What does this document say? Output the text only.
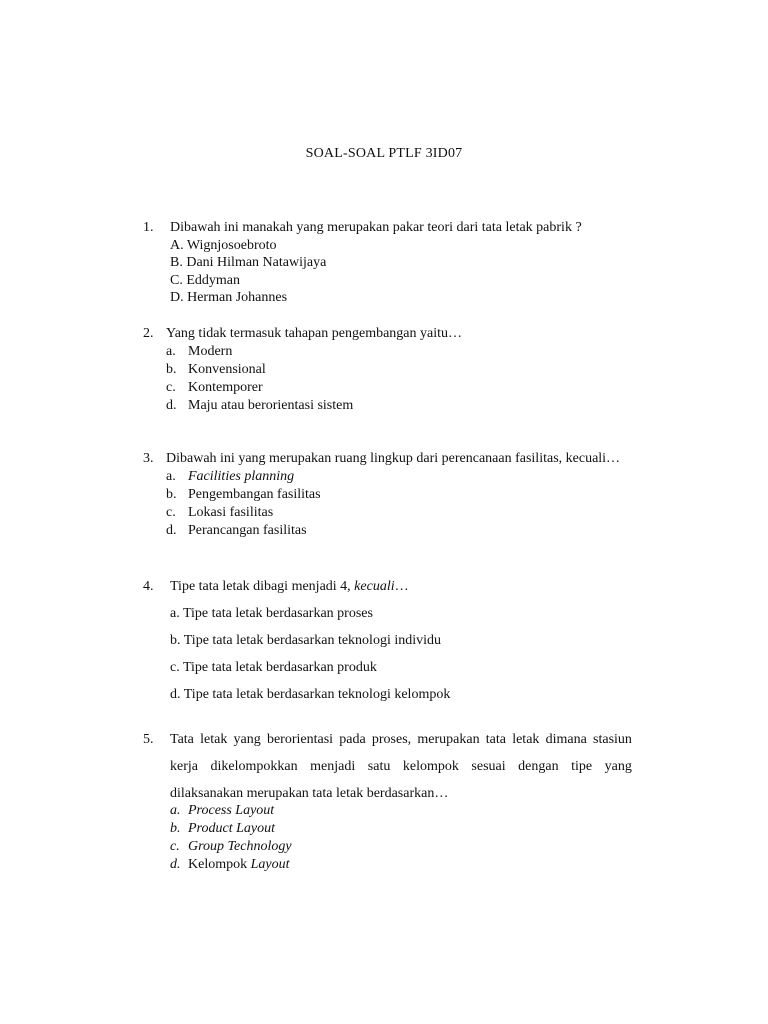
SOAL-SOAL PTLF 3ID07
1. Dibawah ini manakah yang merupakan pakar teori dari tata letak pabrik ?
A. Wignjosoebroto
B. Dani Hilman Natawijaya
C. Eddyman
D. Herman Johannes
2. Yang tidak termasuk tahapan pengembangan yaitu…
a. Modern
b. Konvensional
c. Kontemporer
d. Maju atau berorientasi sistem
3. Dibawah ini yang merupakan ruang lingkup dari perencanaan fasilitas, kecuali…
a. Facilities planning
b. Pengembangan fasilitas
c. Lokasi fasilitas
d. Perancangan fasilitas
4. Tipe tata letak dibagi menjadi 4, kecuali…
a. Tipe tata letak berdasarkan proses
b. Tipe tata letak berdasarkan teknologi individu
c. Tipe tata letak berdasarkan produk
d. Tipe tata letak berdasarkan teknologi kelompok
5. Tata letak yang berorientasi pada proses, merupakan tata letak dimana stasiun
kerja dikelompokkan menjadi satu kelompok sesuai dengan tipe yang
dilaksanakan merupakan tata letak berdasarkan…
a. Process Layout
b. Product Layout
c. Group Technology
d. Kelompok Layout
